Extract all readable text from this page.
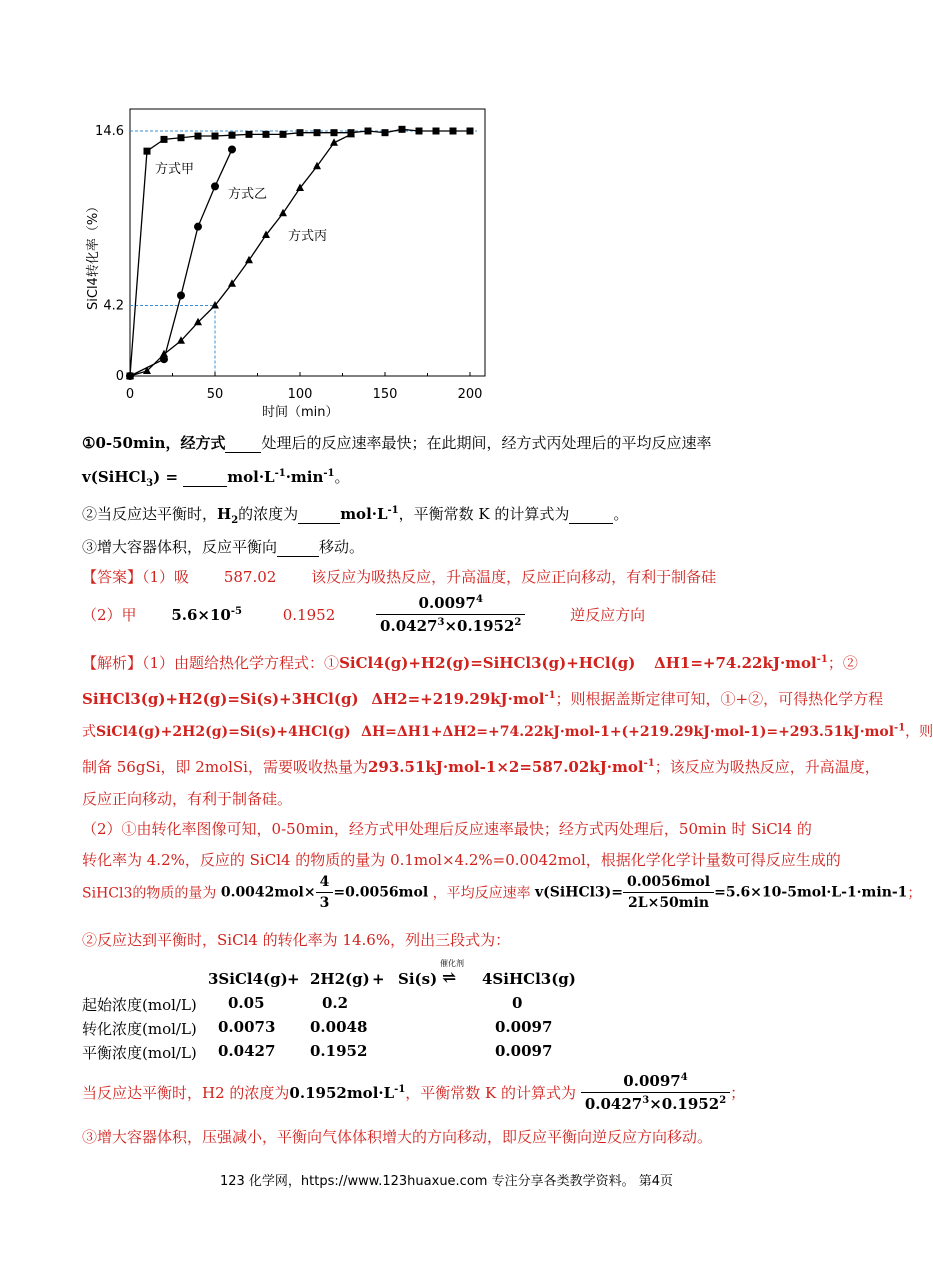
0	50	100	150	200
0
4.2
14.6
方式甲
方式乙
方式丙
时间（min）
SiCl4转化率（%）
①0-50min，经方式 处理后的反应速率最快；在此期间，经方式丙处理后的平均反应速率
v(SiHCl$_3$) =	$mol\cdot L^{-1}\cdot\min^{-1}$。
②当反应达平衡时，$H_2$的浓度为	$mol\cdot L^{-1}$，平衡常数 K 的计算式为	。
③增大容器体积，反应平衡向	移动。
【答案】（1）吸 587.02 该反应为吸热反应，升高温度，反应正向移动，有利于制备硅
（2）甲 $5.6\times 10^{-5}$	0.1952	$\frac{0.0097^4}{0.0427^3\times 0.1952^2}$	逆反应方向
【解析】（1）由题给热化学方程式：①SiCl4(g)+H2(g)=SiHCl3(g)+HCl(g) ΔH1=+74.22kJ·mol$^{-1}$；②
SiHCl3(g)+H2(g)=Si(s)+3HCl(g) ΔH2=+219.29kJ·mol$^{-1}$；则根据盖斯定律可知，①+②，可得热化学方程
式SiCl4(g)+2H2(g)=Si(s)+4HCl(g) ΔH=ΔH1+ΔH2=+74.22kJ·mol-1+(+219.29kJ·mol-1)=+293.51kJ·mol$^{-1}$，则
制备 56gSi，即 2molSi，需要吸收热量为293.51kJ·mol-1×2=587.02kJ·mol$^{-1}$；该反应为吸热反应，升高温度，
反应正向移动，有利于制备硅。
（2）①由转化率图像可知，0-50min，经方式甲处理后反应速率最快；经方式丙处理后，50min 时 SiCl4 的
转化率为 4.2%，反应的 SiCl4 的物质的量为 0.1mol×4.2%=0.0042mol，根据化学化学计量数可得反应生成的
SiHCl3的物质的量为 $0.0042mol\times \frac{4}{3} =0.0056mol$ ，平均反应速率 v(SiHCl3)= $\frac{\text{0.0056mol}}{2L\times 50\min} =5.6\times 10-5mol\cdot L-1\cdot\min-1$；
②反应达到平衡时，SiCl4 的转化率为 14.6%，列出三段式为：
3SiCl4(g) + 2H2(g) + Si(s)
催化剂
⇌ 4SiHCl3(g)
起始浓度(mol/L) 0.05	0.2	0
转化浓度(mol/L) 0.0073 0.0048	0.0097
平衡浓度(mol/L) 0.0427 0.1952	0.0097
当反应达平衡时，H2 的浓度为$0.1952mol\cdot L^{-1}$，平衡常数 K 的计算式为 $\frac{0.0097^4}{0.0427^3\times 0.1952^2}$ ；
③增大容器体积，压强减小，平衡向气体体积增大的方向移动，即反应平衡向逆反应方向移动。
123 化学网，https://www.123huaxue.com 专注分享各类教学资料。 第4页
